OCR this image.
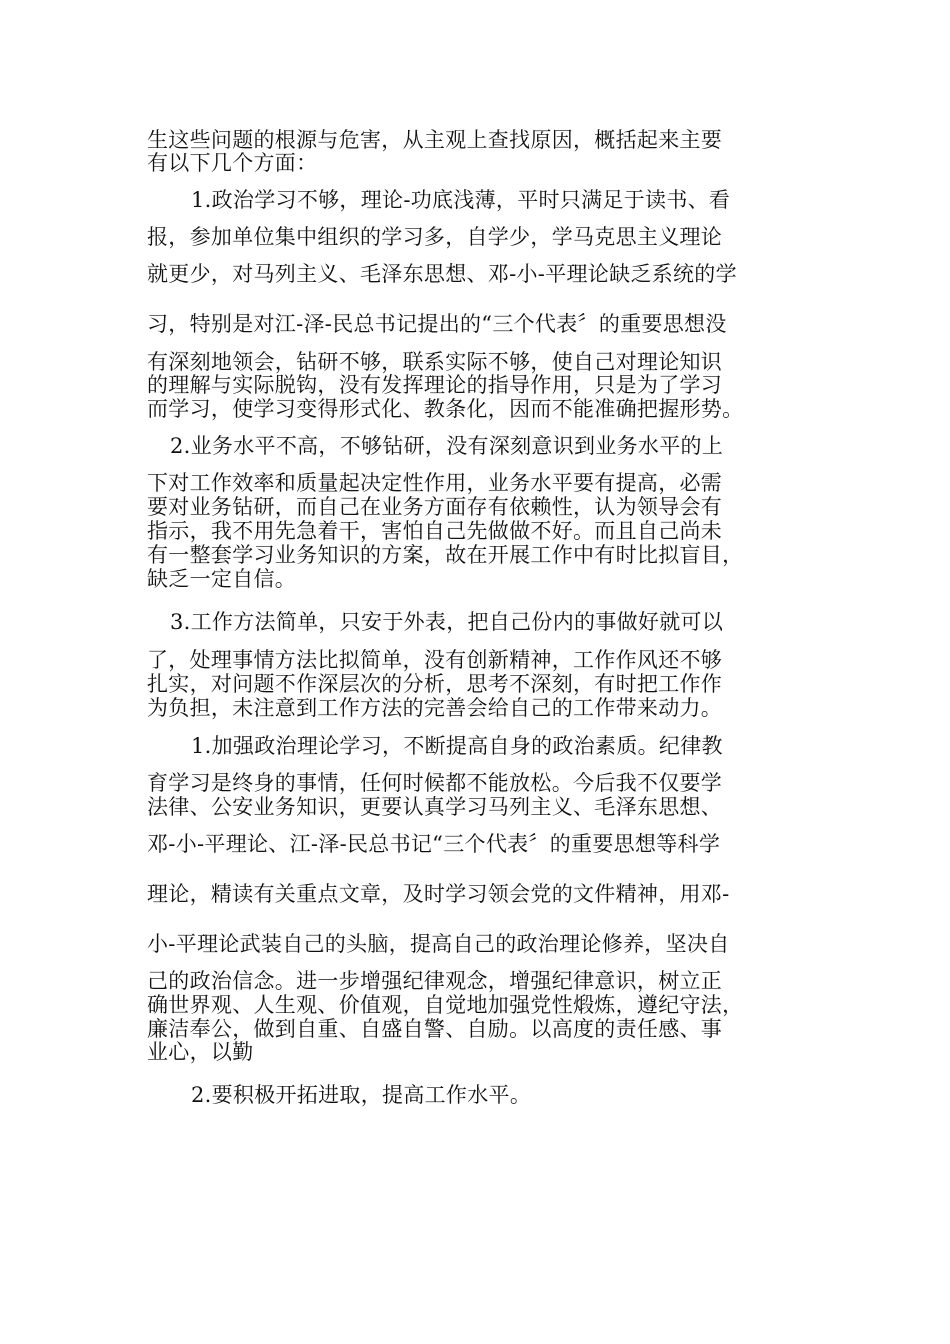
生这些问题的根源与危害，从主观上查找原因，概括起来主要
有以下几个方面：
1.政治学习不够，理论-功底浅薄，平时只满足于读书、看
报，参加单位集中组织的学习多，自学少，学马克思主义理论
就更少，对马列主义、毛泽东思想、邓-小-平理论缺乏系统的学
习，特别是对江-泽-民总书记提出的“三个代表〞的重要思想没
有深刻地领会，钻研不够，联系实际不够，使自己对理论知识
的理解与实际脱钩，没有发挥理论的指导作用，只是为了学习
而学习，使学习变得形式化、教条化，因而不能准确把握形势。
2.业务水平不高，不够钻研，没有深刻意识到业务水平的上
下对工作效率和质量起决定性作用，业务水平要有提高，必需
要对业务钻研，而自己在业务方面存有依赖性，认为领导会有
指示，我不用先急着干，害怕自己先做做不好。而且自己尚未
有一整套学习业务知识的方案，故在开展工作中有时比拟盲目，
缺乏一定自信。
3.工作方法简单，只安于外表，把自己份内的事做好就可以
了，处理事情方法比拟简单，没有创新精神，工作作风还不够
扎实，对问题不作深层次的分析，思考不深刻，有时把工作作
为负担，未注意到工作方法的完善会给自己的工作带来动力。
1.加强政治理论学习，不断提高自身的政治素质。纪律教
育学习是终身的事情，任何时候都不能放松。今后我不仅要学
法律、公安业务知识，更要认真学习马列主义、毛泽东思想、
邓-小-平理论、江-泽-民总书记“三个代表〞的重要思想等科学
理论，精读有关重点文章，及时学习领会党的文件精神，用邓-
小-平理论武装自己的头脑，提高自己的政治理论修养，坚决自
己的政治信念。进一步增强纪律观念，增强纪律意识，树立正
确世界观、人生观、价值观，自觉地加强党性煅炼，遵纪守法，
廉洁奉公，做到自重、自盛自警、自励。以高度的责任感、事
业心，以勤
2.要积极开拓进取，提高工作水平。
